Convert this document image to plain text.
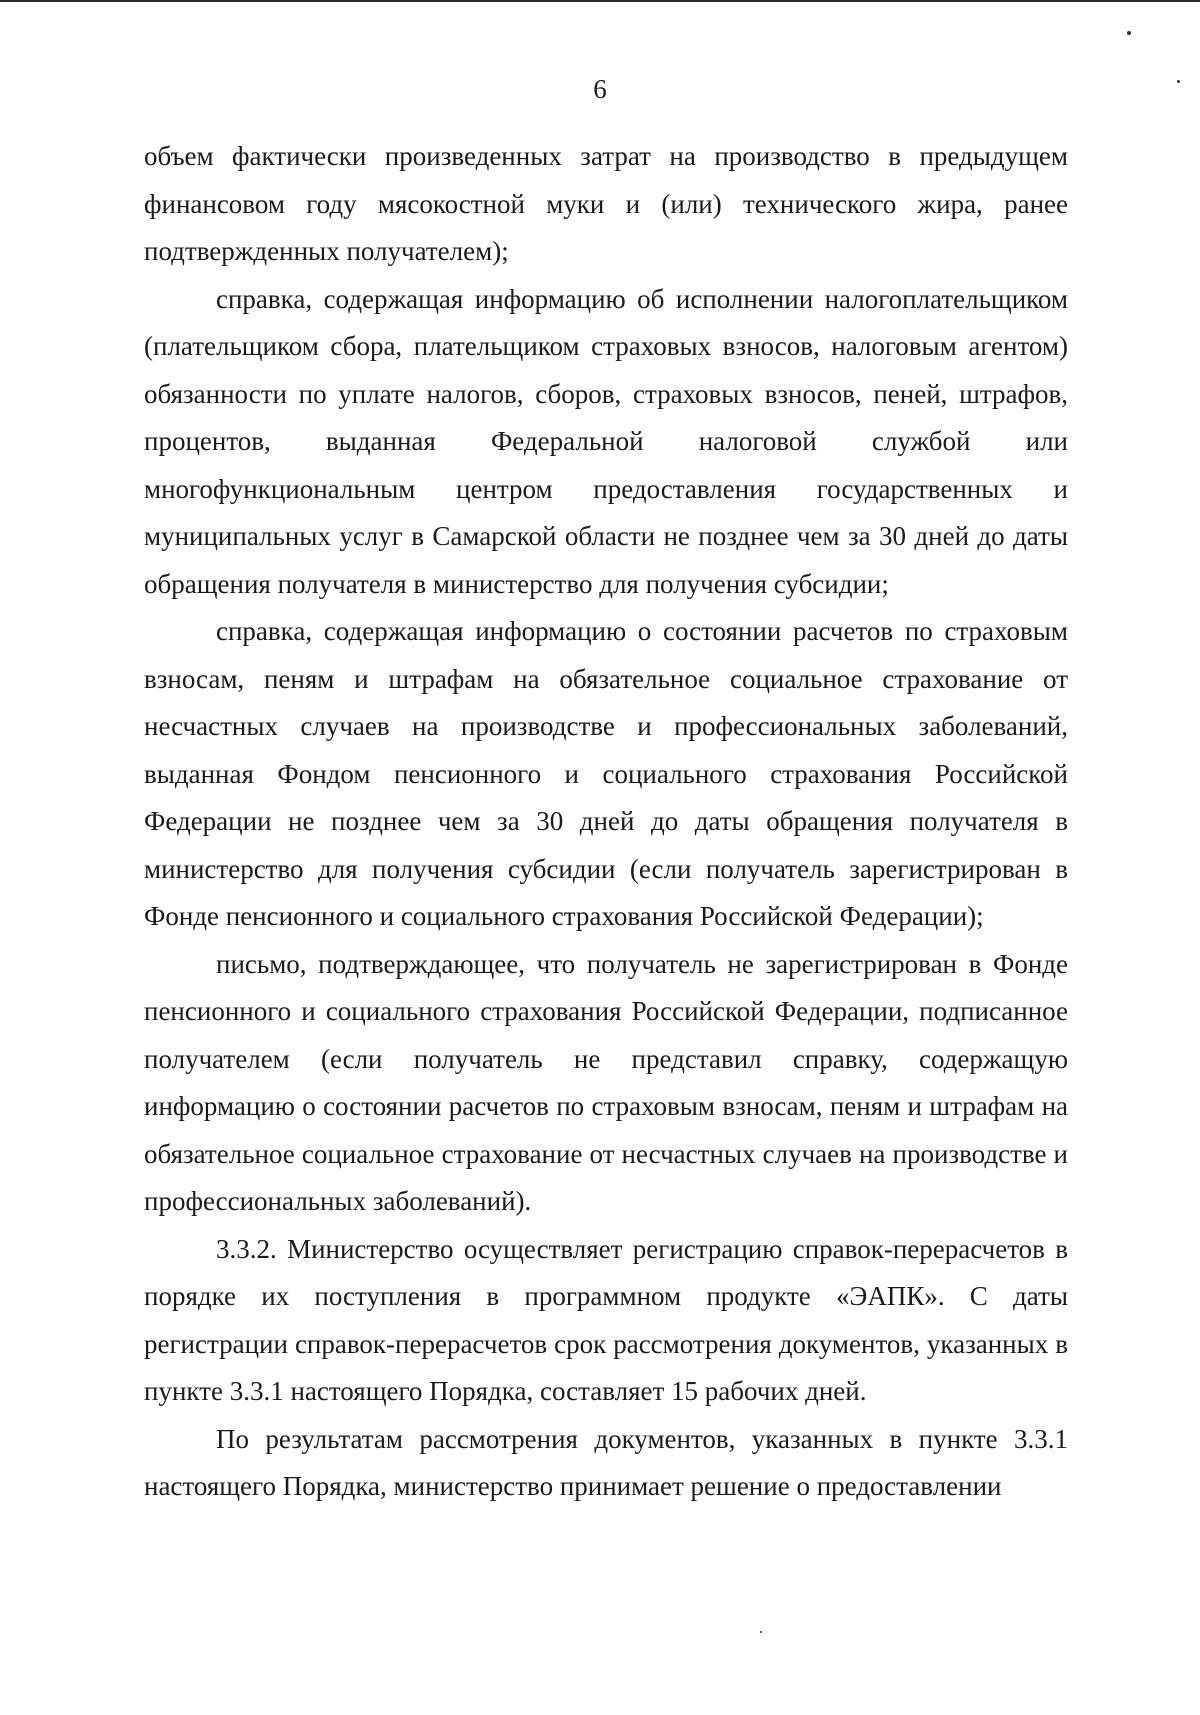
6

объем фактически произведенных затрат на производство в предыдущем финансовом году мясокостной муки и (или) технического жира, ранее подтвержденных получателем);

справка, содержащая информацию об исполнении налогоплательщиком (плательщиком сбора, плательщиком страховых взносов, налоговым агентом) обязанности по уплате налогов, сборов, страховых взносов, пеней, штрафов, процентов, выданная Федеральной налоговой службой или многофункциональным центром предоставления государственных и муниципальных услуг в Самарской области не позднее чем за 30 дней до даты обращения получателя в министерство для получения субсидии;

справка, содержащая информацию о состоянии расчетов по страховым взносам, пеням и штрафам на обязательное социальное страхование от несчастных случаев на производстве и профессиональных заболеваний, выданная Фондом пенсионного и социального страхования Российской Федерации не позднее чем за 30 дней до даты обращения получателя в министерство для получения субсидии (если получатель зарегистрирован в Фонде пенсионного и социального страхования Российской Федерации);

письмо, подтверждающее, что получатель не зарегистрирован в Фонде пенсионного и социального страхования Российской Федерации, подписанное получателем (если получатель не представил справку, содержащую информацию о состоянии расчетов по страховым взносам, пеням и штрафам на обязательное социальное страхование от несчастных случаев на производстве и профессиональных заболеваний).

3.3.2. Министерство осуществляет регистрацию справок-перерасчетов в порядке их поступления в программном продукте «ЭАПК». С даты регистрации справок-перерасчетов срок рассмотрения документов, указанных в пункте 3.3.1 настоящего Порядка, составляет 15 рабочих дней.

По результатам рассмотрения документов, указанных в пункте 3.3.1 настоящего Порядка, министерство принимает решение о предоставлении
